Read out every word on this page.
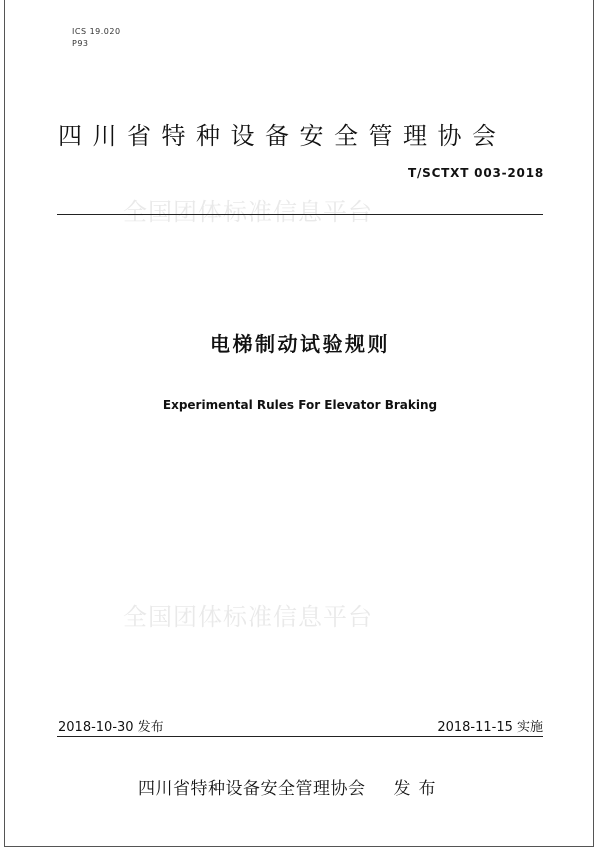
ICS 19.020
P93
四川省特种设备安全管理协会
T/SCTXT 003-2018
全国团体标准信息平台
电梯制动试验规则
Experimental Rules For Elevator Braking
全国团体标准信息平台
2018-10-30 发布	2018-11-15 实施
四川省特种设备安全管理协会 发布
